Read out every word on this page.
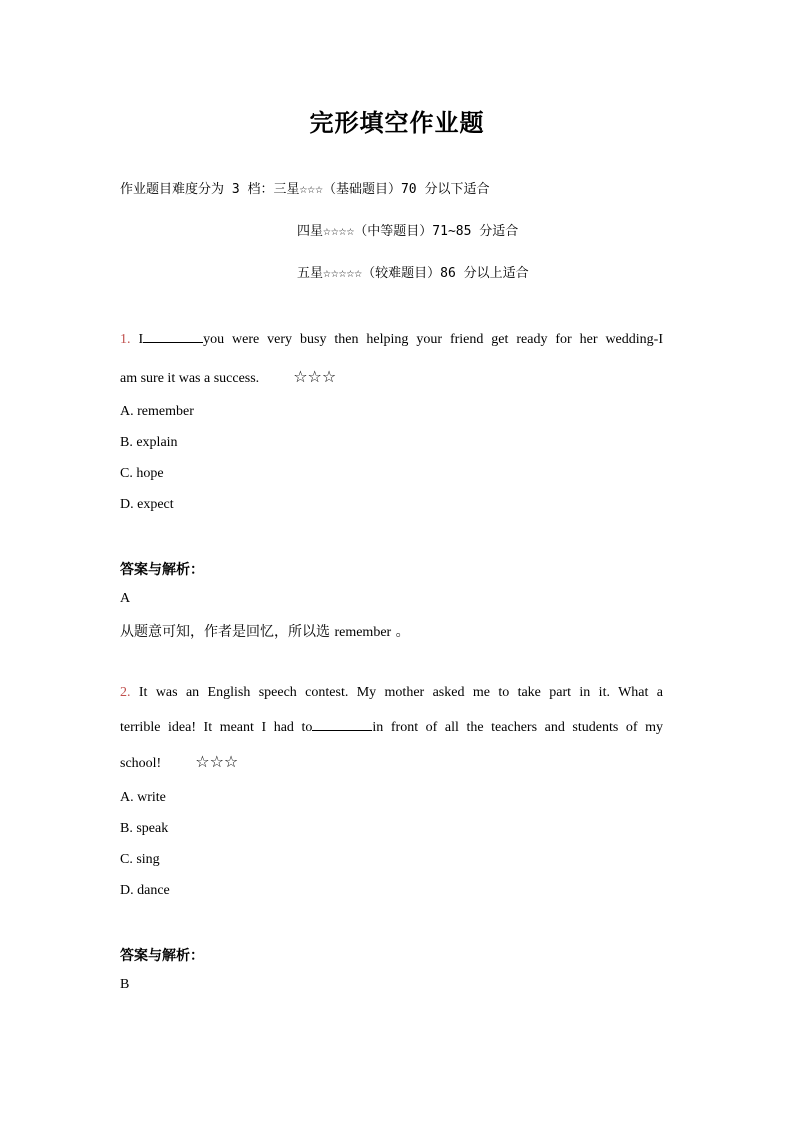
完形填空作业题
作业题目难度分为 3 档：三星☆☆☆（基础题目）70 分以下适合
四星☆☆☆☆（中等题目）71~85 分适合
五星☆☆☆☆☆（较难题目）86 分以上适合
1. I	you were very busy then helping your friend get ready for her wedding-I
am sure it was a success. ☆☆☆
A. remember
B. explain
C. hope
D. expect
答案与解析：
A
从题意可知，作者是回忆，所以选 remember 。
2. It was an English speech contest. My mother asked me to take part in it. What a
terrible idea! It meant I had to	in front of all the teachers and students of my
school! ☆☆☆
A. write
B. speak
C. sing
D. dance
答案与解析：
B
